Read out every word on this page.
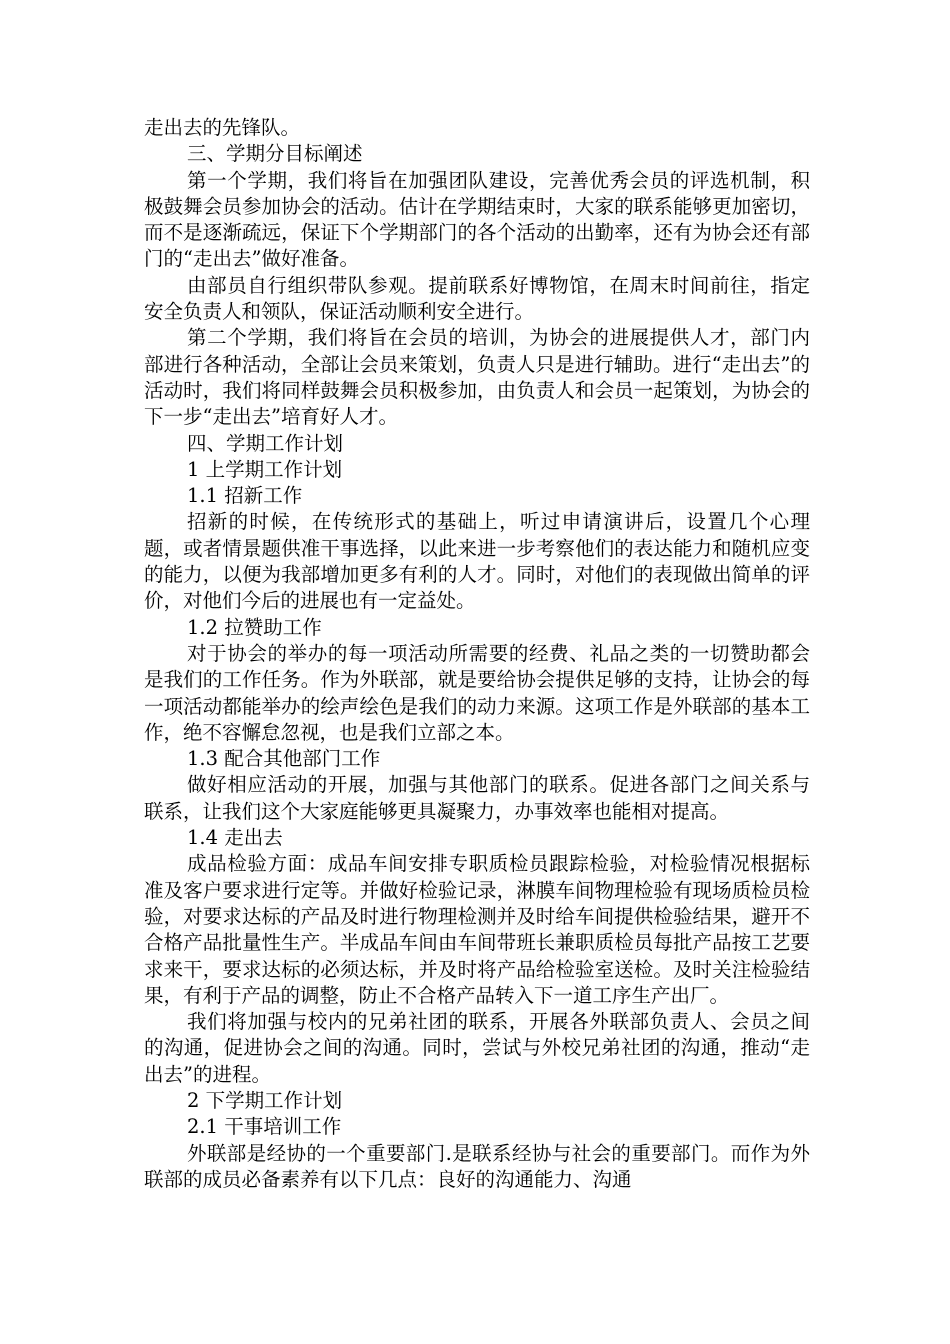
走出去的先锋队。

三、学期分目标阐述

第一个学期，我们将旨在加强团队建设，完善优秀会员的评选机制，积极鼓舞会员参加协会的活动。估计在学期结束时，大家的联系能够更加密切，而不是逐渐疏远，保证下个学期部门的各个活动的出勤率，还有为协会还有部门的“走出去”做好准备。

由部员自行组织带队参观。提前联系好博物馆，在周末时间前往，指定安全负责人和领队，保证活动顺利安全进行。

第二个学期，我们将旨在会员的培训，为协会的进展提供人才，部门内部进行各种活动，全部让会员来策划，负责人只是进行辅助。进行“走出去”的活动时，我们将同样鼓舞会员积极参加，由负责人和会员一起策划，为协会的下一步“走出去”培育好人才。

四、学期工作计划

1 上学期工作计划

1.1 招新工作

招新的时候，在传统形式的基础上，听过申请演讲后，设置几个心理题，或者情景题供准干事选择，以此来进一步考察他们的表达能力和随机应变的能力，以便为我部增加更多有利的人才。同时，对他们的表现做出简单的评价，对他们今后的进展也有一定益处。

1.2 拉赞助工作

对于协会的举办的每一项活动所需要的经费、礼品之类的一切赞助都会是我们的工作任务。作为外联部，就是要给协会提供足够的支持，让协会的每一项活动都能举办的绘声绘色是我们的动力来源。这项工作是外联部的基本工作，绝不容懈怠忽视，也是我们立部之本。

1.3 配合其他部门工作

做好相应活动的开展，加强与其他部门的联系。促进各部门之间关系与联系，让我们这个大家庭能够更具凝聚力，办事效率也能相对提高。

1.4 走出去

成品检验方面：成品车间安排专职质检员跟踪检验，对检验情况根据标准及客户要求进行定等。并做好检验记录，淋膜车间物理检验有现场质检员检验，对要求达标的产品及时进行物理检测并及时给车间提供检验结果，避开不合格产品批量性生产。半成品车间由车间带班长兼职质检员每批产品按工艺要求来干，要求达标的必须达标，并及时将产品给检验室送检。及时关注检验结果，有利于产品的调整，防止不合格产品转入下一道工序生产出厂。

我们将加强与校内的兄弟社团的联系，开展各外联部负责人、会员之间的沟通，促进协会之间的沟通。同时，尝试与外校兄弟社团的沟通，推动“走出去”的进程。

2 下学期工作计划

2.1 干事培训工作

外联部是经协的一个重要部门.是联系经协与社会的重要部门。而作为外联部的成员必备素养有以下几点：良好的沟通能力、沟通
